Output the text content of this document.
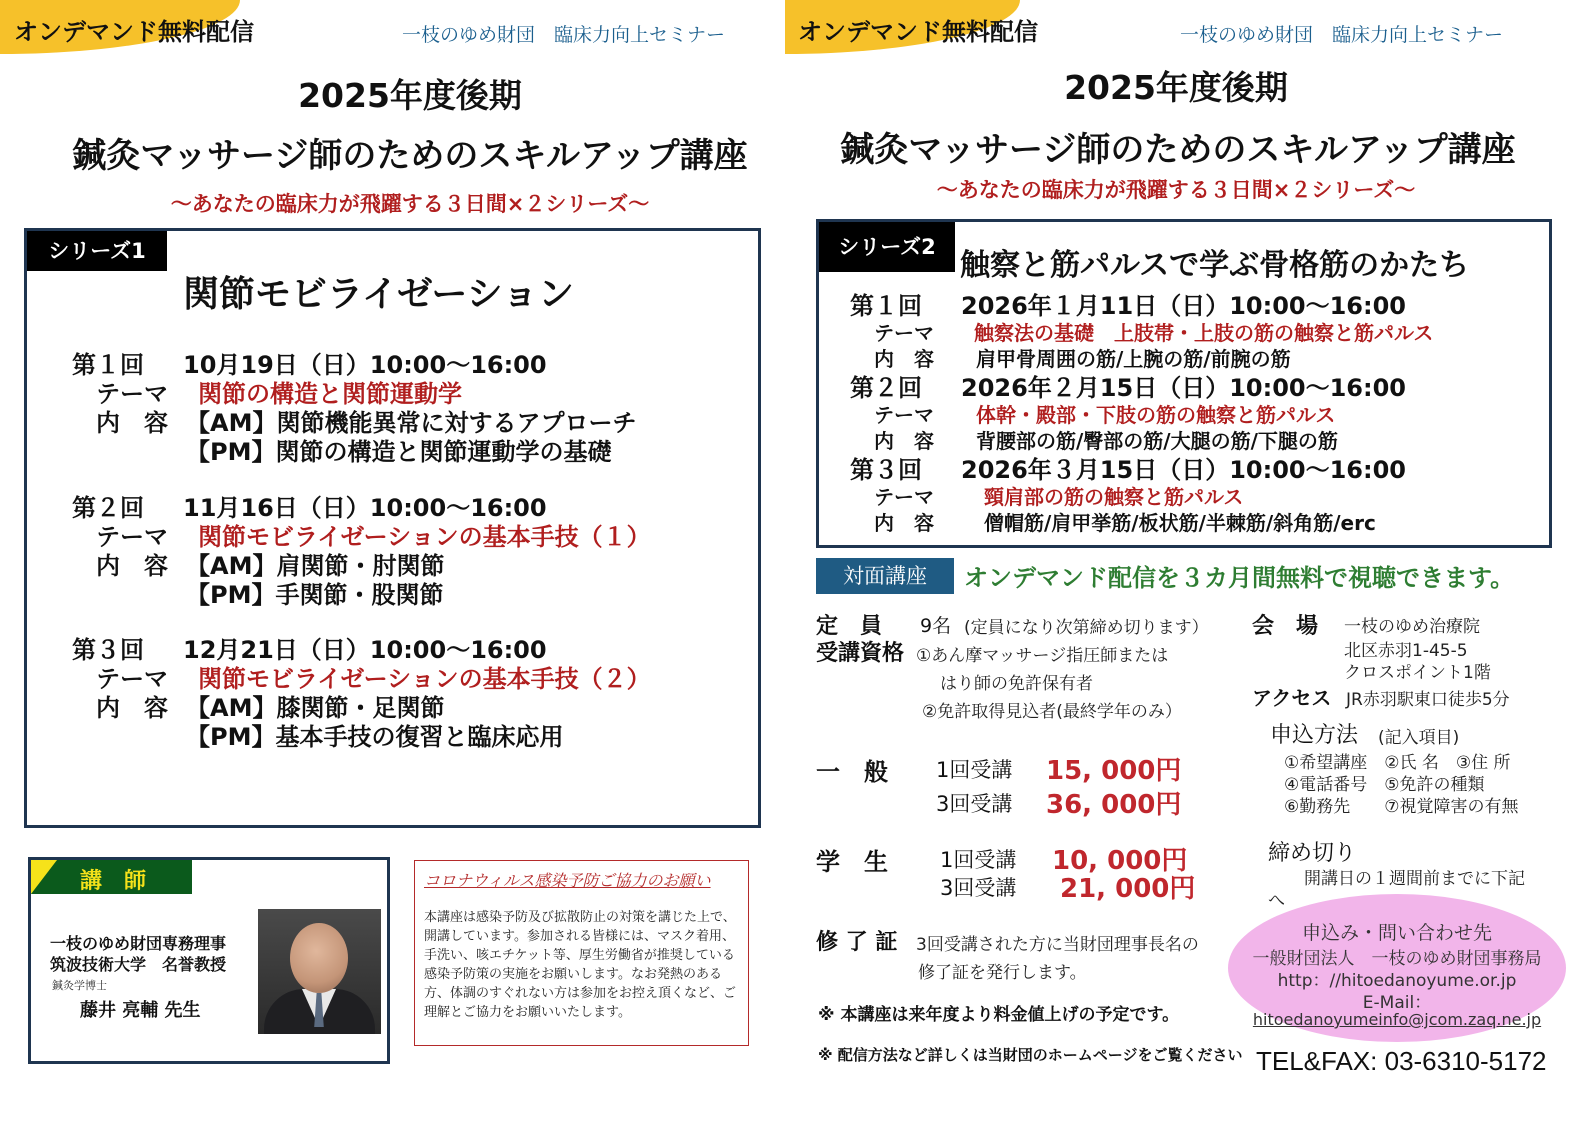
オンデマンド無料配信	一枝のゆめ財団　臨床力向上セミナー
2025年度後期
鍼灸マッサージ師のためのスキルアップ講座
～あなたの臨床力が飛躍する３日間×２シリーズ～
シリーズ1
関節モビライゼーション
第１回 10月19日（日）10:00～16:00
テーマ 関節の構造と関節運動学
内　容 【AM】関節機能異常に対するアプローチ
【PM】関節の構造と関節運動学の基礎
第２回 11月16日（日）10:00～16:00
テーマ 関節モビライゼーションの基本手技（１）
内　容 【AM】肩関節・肘関節
【PM】手関節・股関節
第３回 12月21日（日）10:00～16:00
テーマ 関節モビライゼーションの基本手技（２）
内　容 【AM】膝関節・足関節
【PM】基本手技の復習と臨床応用
講　師
一枝のゆめ財団専務理事
筑波技術大学　名誉教授
鍼灸学博士
藤井 亮輔 先生
コロナウィルス感染予防ご協力のお願い
本講座は感染予防及び拡散防止の対策を講じた上で、開講しています。参加される皆様には、マスク着用、手洗い、咳エチケット等、厚生労働省が推奨している感染予防策の実施をお願いします。なお発熱のある方、体調のすぐれない方は参加をお控え頂くなど、ご理解とご協力をお願いいたします。
オンデマンド無料配信	一枝のゆめ財団　臨床力向上セミナー
2025年度後期
鍼灸マッサージ師のためのスキルアップ講座
～あなたの臨床力が飛躍する３日間×２シリーズ～
シリーズ2
触察と筋パルスで学ぶ骨格筋のかたち
第１回 2026年１月11日（日）10:00～16:00
テーマ 触察法の基礎　上肢帯・上肢の筋の触察と筋パルス
内　容 肩甲骨周囲の筋/上腕の筋/前腕の筋
第２回 2026年２月15日（日）10:00～16:00
テーマ 体幹・殿部・下肢の筋の触察と筋パルス
内　容 背腰部の筋/臀部の筋/大腿の筋/下腿の筋
第３回 2026年３月15日（日）10:00～16:00
テーマ	頸肩部の筋の触察と筋パルス
内　容	僧帽筋/肩甲挙筋/板状筋/半棘筋/斜角筋/erc
対面講座	オンデマンド配信を３カ月間無料で視聴できます。
定　員 9名 (定員になり次第締め切ります）
受講資格 ①あん摩マッサージ指圧師または
はり師の免許保有者
②免許取得見込者(最終学年のみ）
一　般 1回受講 15, 000円
3回受講 36, 000円
学　生 1回受講 10, 000円
3回受講 21, 000円
修 了 証 3回受講された方に当財団理事長名の
修了証を発行します。
※ 本講座は来年度より料金値上げの予定です。
※ 配信方法など詳しくは当財団のホームページをご覧ください
会　場 一枝のゆめ治療院
北区赤羽1-45-5
クロスポイント1階
アクセス JR赤羽駅東口徒歩5分
申込方法 (記入項目)
①希望講座　②氏 名　③住 所
④電話番号　⑤免許の種類
⑥勤務先　　⑦視覚障害の有無
締め切り
開講日の１週間前までに下記
へ
申込み・問い合わせ先
一般財団法人　一枝のゆめ財団事務局
http：//hitoedanoyume.or.jp
E-Mail：
hitoedanoyumeinfo@jcom.zaq.ne.jp
TEL&FAX: 03-6310-5172
